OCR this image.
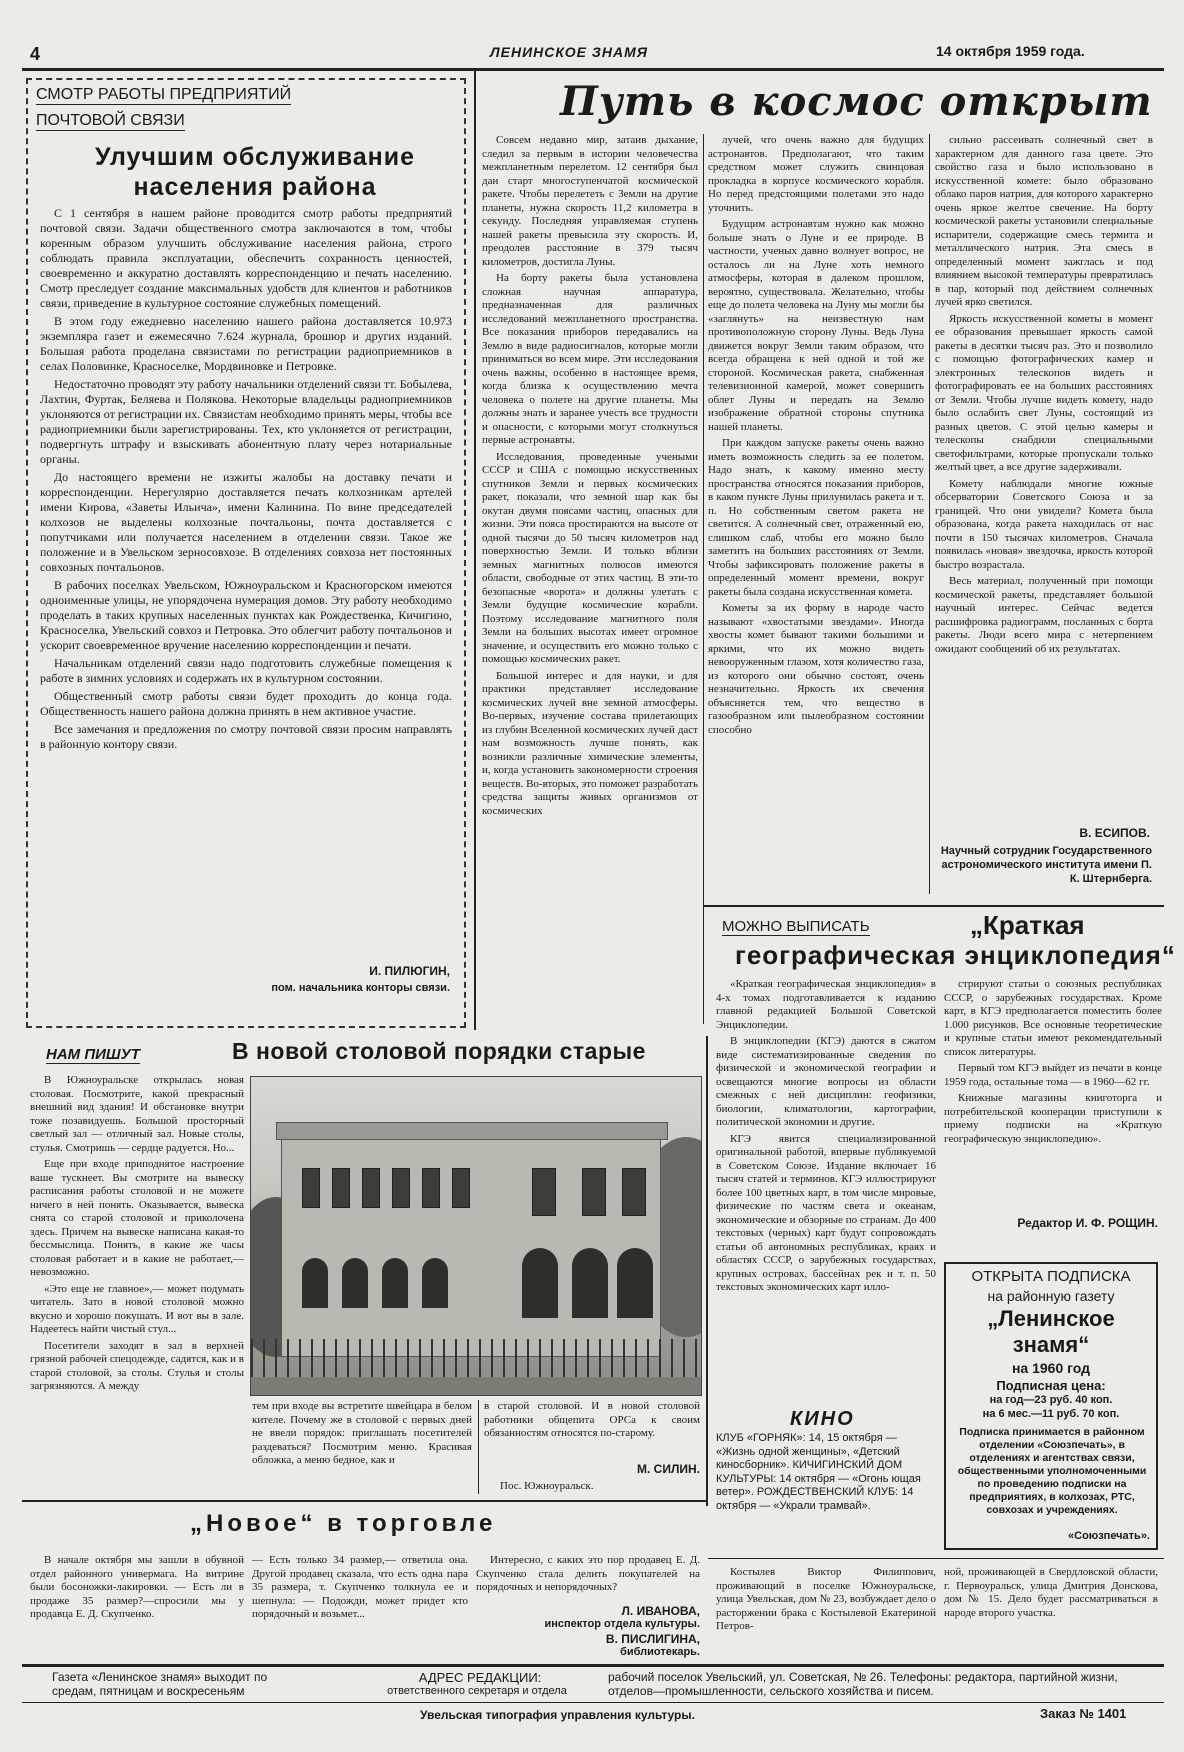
4	ЛЕНИНСКОЕ ЗНАМЯ	14 октября 1959 года.
СМОТР РАБОТЫ ПРЕДПРИЯТИЙ
ПОЧТОВОЙ СВЯЗИ
Улучшим обслуживание населения района

С 1 сентября в нашем районе проводится смотр работы предприятий почтовой связи. Задачи общественного смотра заключаются в том, чтобы коренным образом улучшить обслуживание населения района, строго соблюдать правила эксплуатации, обеспечить сохранность ценностей, своевременно и аккуратно доставлять корреспонденцию и печать населению. Смотр преследует создание максимальных удобств для клиентов и работников связи, приведение в культурное состояние служебных помещений.

В этом году ежедневно населению нашего района доставляется 10.973 экземпляра газет и ежемесячно 7.624 журнала, брошюр и других изданий. Большая работа проделана связистами по регистрации радиоприемников в селах Половинке, Красноселке, Мордвиновке и Петровке.

Недостаточно проводят эту работу начальники отделений связи тт. Бобылева, Лахтин, Фуртак, Беляева и Полякова. Некоторые владельцы радиоприемников уклоняются от регистрации их. Связистам необходимо принять меры, чтобы все радиоприемники были зарегистрированы. Тех, кто уклоняется от регистрации, подвергнуть штрафу и взыскивать абонентную плату через нотариальные органы.

До настоящего времени не изжиты жалобы на доставку печати и корреспонденции. Нерегулярно доставляется печать колхозникам артелей имени Кирова, «Заветы Ильича», имени Калинина. По вине председателей колхозов не выделены колхозные почтальоны, почта доставляется с попутчиками или получается населением в отделении связи. Такое же положение и в Увельском зерносовхозе. В отделениях совхоза нет постоянных совхозных почтальонов.

В рабочих поселках Увельском, Южноуральском и Красногорском имеются одноименные улицы, не упорядочена нумерация домов. Эту работу необходимо проделать в таких крупных населенных пунктах как Рождественка, Кичигино, Красноселка, Увельский совхоз и Петровка. Это облегчит работу почтальонов и ускорит своевременное вручение населению корреспонденции и печати.

Начальникам отделений связи надо подготовить служебные помещения к работе в зимних условиях и содержать их в культурном состоянии.

Общественный смотр работы связи будет проходить до конца года. Общественность нашего района должна принять в нем активное участие.

Все замечания и предложения по смотру почтовой связи просим направлять в районную контору связи.

И. ПИЛЮГИН,
пом. начальника конторы связи.
Путь в космос открыт

Совсем недавно мир, затаив дыхание, следил за первым в истории человечества межпланетным перелетом. 12 сентября был дан старт многоступенчатой космической ракете. Чтобы перелететь с Земли на другие планеты, нужна скорость 11,2 километра в секунду. Последняя управляемая ступень нашей ракеты превысила эту скорость. И, преодолев расстояние в 379 тысяч километров, достигла Луны.

На борту ракеты была установлена сложная научная аппаратура, предназначенная для различных исследований межпланетного пространства. Все показания приборов передавались на Землю в виде радиосигналов, которые могли приниматься во всем мире. Эти исследования очень важны, особенно в настоящее время, когда близка к осуществлению мечта человека о полете на другие планеты. Мы должны знать и заранее учесть все трудности и опасности, с которыми могут столкнуться первые астронавты.

Исследования, проведенные учеными СССР и США с помощью искусственных спутников Земли и первых космических ракет, показали, что земной шар как бы окутан двумя поясами частиц, опасных для жизни. Эти пояса простираются на высоте от одной тысячи до 50 тысяч километров над поверхностью Земли. И только вблизи земных магнитных полюсов имеются области, свободные от этих частиц. В эти-то безопасные «ворота» и должны улетать с Земли будущие космические корабли. Поэтому исследование магнитного поля Земли на больших высотах имеет огромное значение, и осуществить его можно только с помощью космических ракет.

Большой интерес и для науки, и для практики представляет исследование космических лучей вне земной атмосферы. Во-первых, изучение состава прилетающих из глубин Вселенной космических лучей даст нам возможность лучше понять, как возникли различные химические элементы, и, когда установить закономерности строения веществ. Во-вторых, это поможет разработать средства защиты живых организмов от космических

лучей, что очень важно для будущих астронавтов. Предполагают, что таким средством может служить свинцовая прокладка в корпусе космического корабля. Но перед предстоящими полетами это надо уточнить.

Будущим астронавтам нужно как можно больше знать о Луне и ее природе. В частности, ученых давно волнует вопрос, не осталось ли на Луне хоть немного атмосферы, которая в далеком прошлом, вероятно, существовала. Желательно, чтобы еще до полета человека на Луну мы могли бы «заглянуть» на неизвестную нам противоположную сторону Луны. Ведь Луна движется вокруг Земли таким образом, что всегда обращена к ней одной и той же стороной. Космическая ракета, снабженная телевизионной камерой, может совершить облет Луны и передать на Землю изображение обратной стороны спутника нашей планеты.

При каждом запуске ракеты очень важно иметь возможность следить за ее полетом. Надо знать, к какому именно месту пространства относятся показания приборов, в каком пункте Луны прилунилась ракета и т. п. Но собственным светом ракета не светится. А солнечный свет, отраженный ею, слишком слаб, чтобы его можно было заметить на больших расстояниях от Земли. Чтобы зафиксировать положение ракеты в определенный момент времени, вокруг ракеты была создана искусственная комета.

Кометы за их форму в народе часто называют «хвостатыми звездами». Иногда хвосты комет бывают такими большими и яркими, что их можно видеть невооруженным глазом, хотя количество газа, из которого они обычно состоят, очень незначительно. Яркость их свечения объясняется тем, что вещество в газообразном или пылеобразном состоянии способно

сильно рассеивать солнечный свет в характерном для данного газа цвете. Это свойство газа и было использовано в искусственной комете: было образовано облако паров натрия, для которого характерно очень яркое желтое свечение. На борту космической ракеты установили специальные испарители, содержащие смесь термита и металлического натрия. Эта смесь в определенный момент зажглась и под влиянием высокой температуры превратилась в пар, который под действием солнечных лучей ярко светился.

Яркость искусственной кометы в момент ее образования превышает яркость самой ракеты в десятки тысяч раз. Это и позволило с помощью фотографических камер и электронных телескопов видеть и фотографировать ее на больших расстояниях от Земли. Чтобы лучше видеть комету, надо было ослабить свет Луны, состоящий из разных цветов. С этой целью камеры и телескопы снабдили специальными светофильтрами, которые пропускали только желтый цвет, а все другие задерживали.

Комету наблюдали многие южные обсерватории Советского Союза и за границей. Что они увидели? Комета была образована, когда ракета находилась от нас почти в 150 тысячах километров. Сначала появилась «новая» звездочка, яркость которой быстро возрастала.

Весь материал, полученный при помощи космической ракеты, представляет большой научный интерес. Сейчас ведется расшифровка радиограмм, посланных с борта ракеты. Люди всего мира с нетерпением ожидают сообщений об их результатах.

В. ЕСИПОВ.
Научный сотрудник Государственного астрономического института имени П. К. Штернберга.
МОЖНО ВЫПИСАТЬ	„Краткая
географическая энциклопедия“

«Краткая географическая энциклопедия» в 4-х томах подготавливается к изданию главной редакцией Большой Советской Энциклопедии.

В энциклопедии (КГЭ) даются в сжатом виде систематизированные сведения по физической и экономической географии и освещаются многие вопросы из области смежных с ней дисциплин: геофизики, биологии, климатологии, картографии, политической экономии и другие.

КГЭ явится специализированной оригинальной работой, впервые публикуемой в Советском Союзе. Издание включает 16 тысяч статей и терминов. КГЭ иллюстрируют более 100 цветных карт, в том числе мировые, физические по частям света и океанам, экономические и обзорные по странам. До 400 текстовых (черных) карт будут сопровождать статьи об автономных республиках, краях и областях СССР, о зарубежных государствах, крупных островах, бассейнах рек и т. п. 50 текстовых экономических карт илло-

стрируют статьи о союзных республиках СССР, о зарубежных государствах. Кроме карт, в КГЭ предполагается поместить более 1.000 рисунков. Все основные теоретические и крупные статьи имеют рекомендательный список литературы.

Первый том КГЭ выйдет из печати в конце 1959 года, остальные тома — в 1960—62 гг.

Книжные магазины книготорга и потребительской кооперации приступили к приему подписки на «Краткую географическую энциклопедию».

Редактор И. Ф. РОЩИН.
ОТКРЫТА ПОДПИСКА
на районную газету
„Ленинское
знамя“
на 1960 год
Подписная цена:
на год—23 руб. 40 коп.
на 6 мес.—11 руб. 70 коп.
Подписка принимается в районном отделении «Союзпечать», в отделениях и агентствах связи, общественными уполномоченными по проведению подписки на предприятиях, в колхозах, РТС, совхозах и учреждениях.
«Союзпечать».
НАМ ПИШУТ	В новой столовой порядки старые

В Южноуральске открылась новая столовая. Посмотрите, какой прекрасный внешний вид здания! И обстановке внутри тоже позавидуешь. Большой просторный светлый зал — отличный зал. Новые столы, стулья. Смотришь — сердце радуется. Но...

Еще при входе приподнятое настроение ваше тускнеет. Вы смотрите на вывеску расписания работы столовой и не можете ничего в ней понять. Оказывается, вывеска снята со старой столовой и приколочена здесь. Причем на вывеске написана какая-то бессмыслица. Понять, в какие же часы столовая работает и в какие не работает,— невозможно.

«Это еще не главное»,— может подумать читатель. Зато в новой столовой можно вкусно и хорошо покушать. И вот вы в зале. Надеетесь найти чистый стул...

Посетители заходят в зал в верхней грязной рабочей спецодежде, садятся, как и в старой столовой, за столы. Стулья и столы загрязняются. А между

тем при входе вы встретите швейцара в белом кителе. Почему же в столовой с первых дней не ввели порядок: приглашать посетителей раздеваться? Посмотрим меню. Красивая обложка, а меню бедное, как и
в старой столовой. И в новой столовой работники общепита ОРСа к своим обязанностям относятся по-старому.
М. СИЛИН.
Пос. Южноуральск.
КИНО
КЛУБ «ГОРНЯК»: 14, 15 октября — «Жизнь одной женщины», «Детский киносборник». КИЧИГИНСКИЙ ДОМ КУЛЬТУРЫ: 14 октября — «Огонь ющая ветер». РОЖДЕСТВЕНСКИЙ КЛУБ: 14 октября — «Украли трамвай».
„Новое“ в торговле
В начале октября мы зашли в обувной отдел районного универмага. На витрине были босоножки-лакировки. — Есть ли в продаже 35 размер?—спросили мы у продавца Е. Д. Скупченко.
— Есть только 34 размер,— ответила она. Другой продавец сказала, что есть одна пара 35 размера, т. Скупченко толкнула ее и шепнула: — Подожди, может придет кто порядочный и возьмет...
Интересно, с каких это пор продавец Е. Д. Скупченко стала делить покупателей на порядочных и непорядочных?
Л. ИВАНОВА,
инспектор отдела культуры.
В. ПИСЛИГИНА,
библиотекарь.
Костылев Виктор Филиппович, проживающий в поселке Южноуральске, улица Увельская, дом № 23, возбуждает дело о расторжении брака с Костылевой Екатериной Петров-
ной, проживающей в Свердловской области, г. Первоуральск, улица Дмитрия Донскова, дом № 15. Дело будет рассматриваться в народе второго участка.
Газета «Ленинское знамя» выходит по средам, пятницам и воскресеньям
АДРЕС РЕДАКЦИИ:
ответственного секретаря и отдела
рабочий поселок Увельский, ул. Советская, № 26. Телефоны: редактора, партийной жизни, отделов—промышленности, сельского хозяйства и писем.
Увельская типография управления культуры.	Заказ № 1401
